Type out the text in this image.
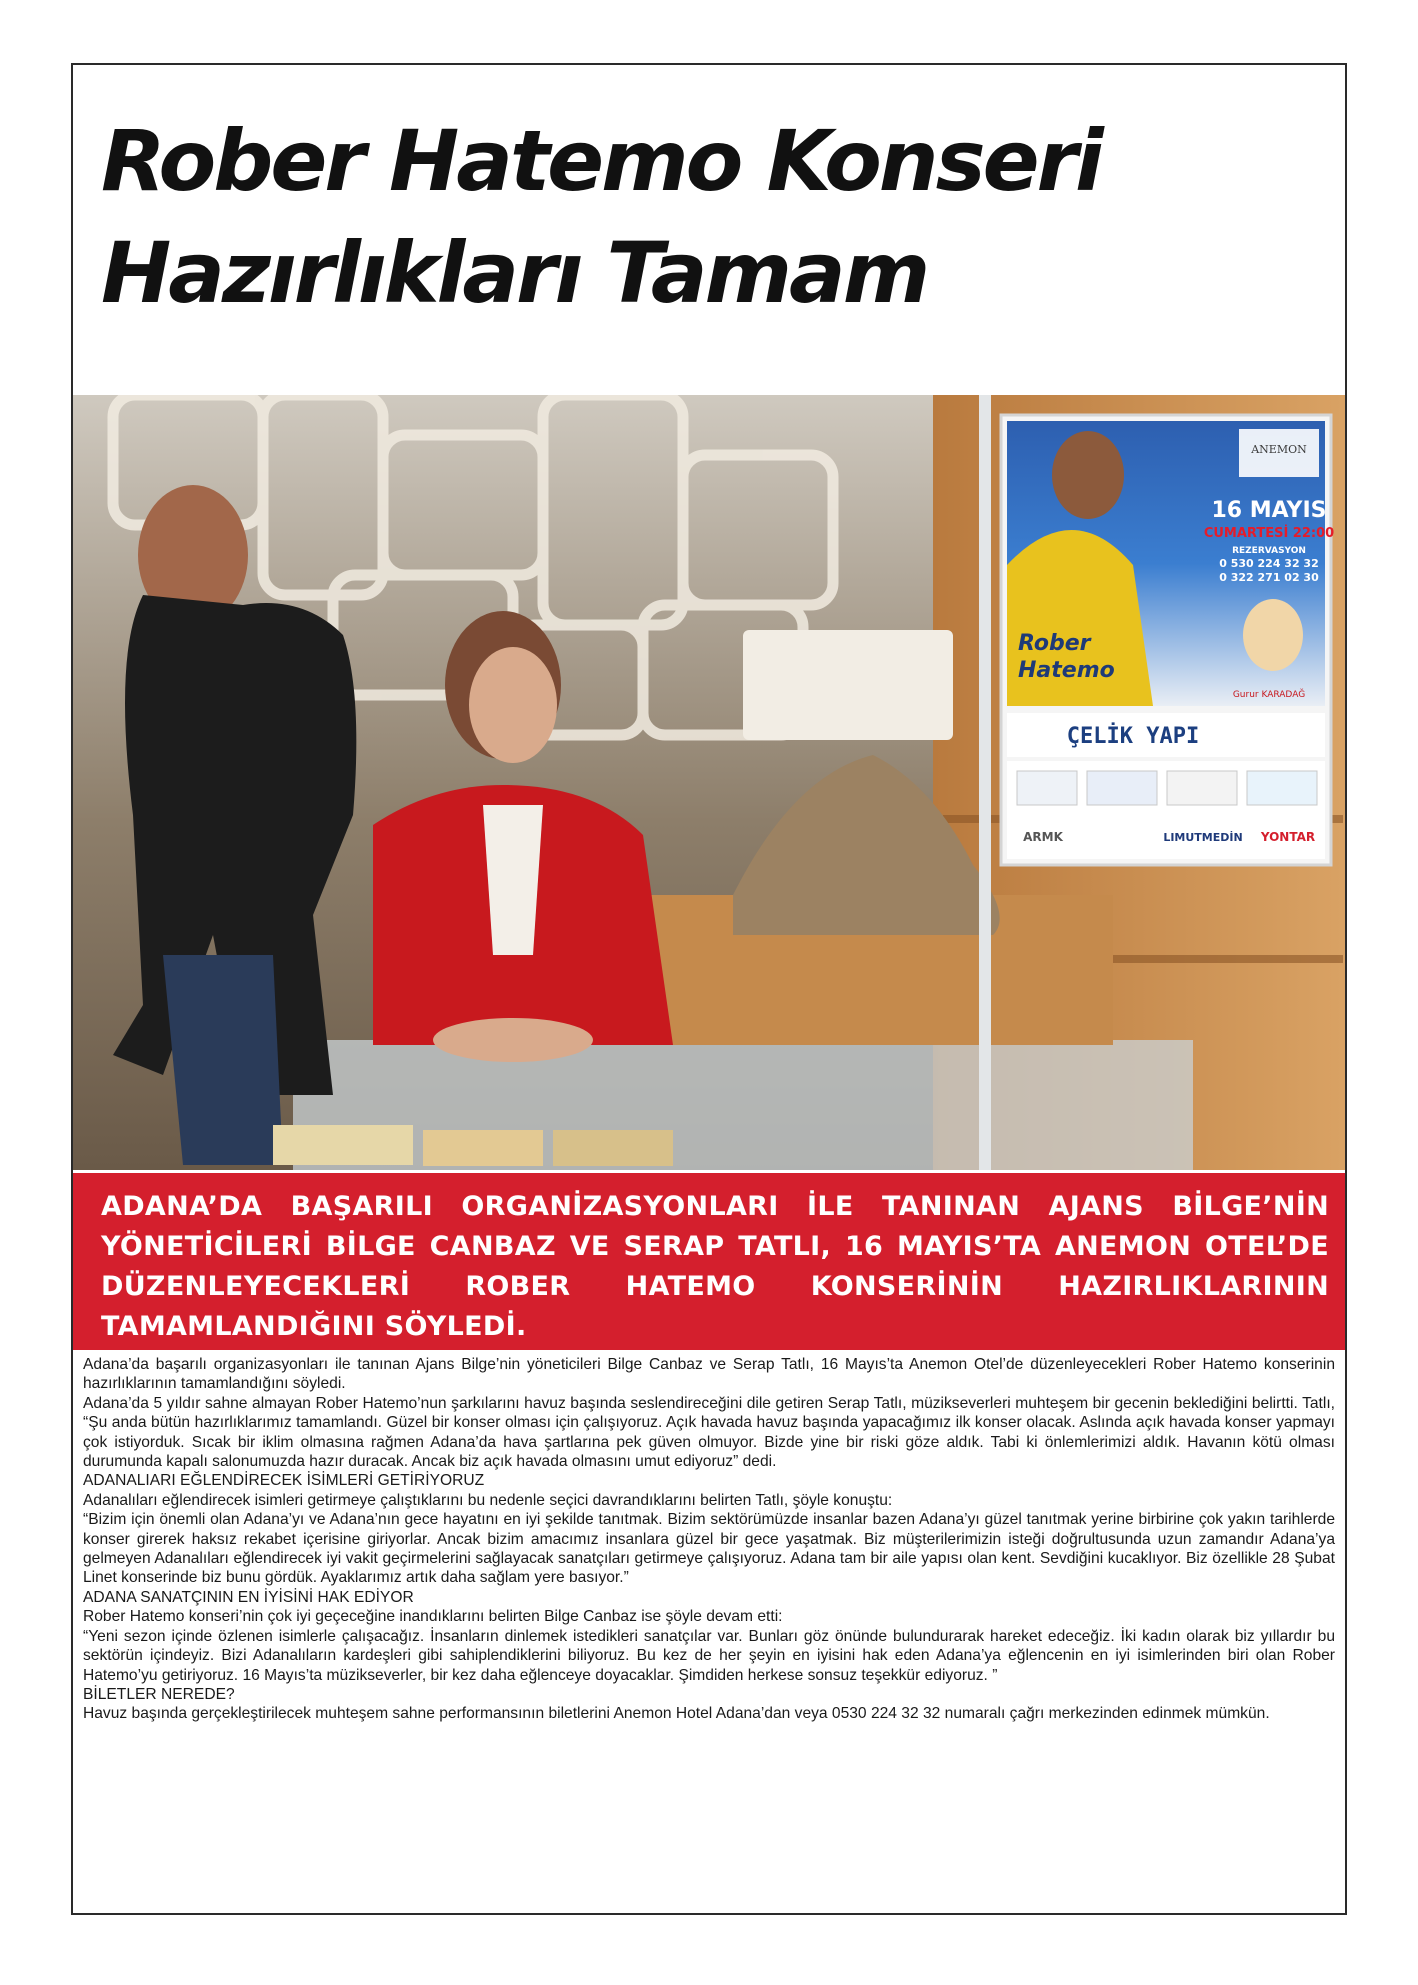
Rober Hatemo Konseri
Hazırlıkları Tamam
ANEMON
16 MAYIS
CUMARTESİ 22:00
REZERVASYON
0 530 224 32 32
0 322 271 02 30
Rober
Hatemo
Gurur KARADAĞ
ÇELİK YAPI
ARMK	LIMUTMEDİN YONTAR
ADANA’DA BAŞARILI ORGANİZASYONLARI İLE TANINAN AJANS BİLGE’NİN YÖNETİCİLERİ BİLGE CANBAZ VE SERAP TATLI, 16 MAYIS’TA ANEMON OTEL’DE DÜZENLEYECEKLERİ ROBER HATEMO KONSERİNİN HAZIRLIKLARININ TAMAMLANDIĞINI SÖYLEDİ.

Adana’da başarılı organizasyonları ile tanınan Ajans Bilge’nin yöneticileri Bilge Canbaz ve Serap Tatlı, 16 Mayıs’ta Anemon Otel’de düzenleyecekleri Rober Hatemo konserinin hazırlıklarının tamamlandığını söyledi.

Adana’da 5 yıldır sahne almayan Rober Hatemo’nun şarkılarını havuz başında seslendireceğini dile getiren Serap Tatlı, müzikseverleri muhteşem bir gecenin beklediğini belirtti. Tatlı, “Şu anda bütün hazırlıklarımız tamamlandı. Güzel bir konser olması için çalışıyoruz. Açık havada havuz başında yapacağımız ilk konser olacak. Aslında açık havada konser yapmayı çok istiyorduk. Sıcak bir iklim olmasına rağmen Adana’da hava şartlarına pek güven olmuyor. Bizde yine bir riski göze aldık. Tabi ki önlemlerimizi aldık. Havanın kötü olması durumunda kapalı salonumuzda hazır duracak. Ancak biz açık havada olmasını umut ediyoruz” dedi.

ADANALIARI EĞLENDİRECEK İSİMLERİ GETİRİYORUZ

Adanalıları eğlendirecek isimleri getirmeye çalıştıklarını bu nedenle seçici davrandıklarını belirten Tatlı, şöyle konuştu:

“Bizim için önemli olan Adana’yı ve Adana’nın gece hayatını en iyi şekilde tanıtmak. Bizim sektörümüzde insanlar bazen Adana’yı güzel tanıtmak yerine birbirine çok yakın tarihlerde konser girerek haksız rekabet içerisine giriyorlar. Ancak bizim amacımız insanlara güzel bir gece yaşatmak. Biz müşterilerimizin isteği doğrultusunda uzun zamandır Adana’ya gelmeyen Adanalıları eğlendirecek iyi vakit geçirmelerini sağlayacak sanatçıları getirmeye çalışıyoruz. Adana tam bir aile yapısı olan kent. Sevdiğini kucaklıyor. Biz özellikle 28 Şubat Linet konserinde biz bunu gördük. Ayaklarımız artık daha sağlam yere basıyor.”

ADANA SANATÇININ EN İYİSİNİ HAK EDİYOR

Rober Hatemo konseri’nin çok iyi geçeceğine inandıklarını belirten Bilge Canbaz ise şöyle devam etti:

“Yeni sezon içinde özlenen isimlerle çalışacağız. İnsanların dinlemek istedikleri sanatçılar var. Bunları göz önünde bulundurarak hareket edeceğiz. İki kadın olarak biz yıllardır bu sektörün içindeyiz. Bizi Adanalıların kardeşleri gibi sahiplendiklerini biliyoruz. Bu kez de her şeyin en iyisini hak eden Adana’ya eğlencenin en iyi isimlerinden biri olan Rober Hatemo’yu getiriyoruz. 16 Mayıs’ta müzikseverler, bir kez daha eğlenceye doyacaklar. Şimdiden herkese sonsuz teşekkür ediyoruz. ”

BİLETLER NEREDE?

Havuz başında gerçekleştirilecek muhteşem sahne performansının biletlerini Anemon Hotel Adana’dan veya 0530 224 32 32 numaralı çağrı merkezinden edinmek mümkün.
